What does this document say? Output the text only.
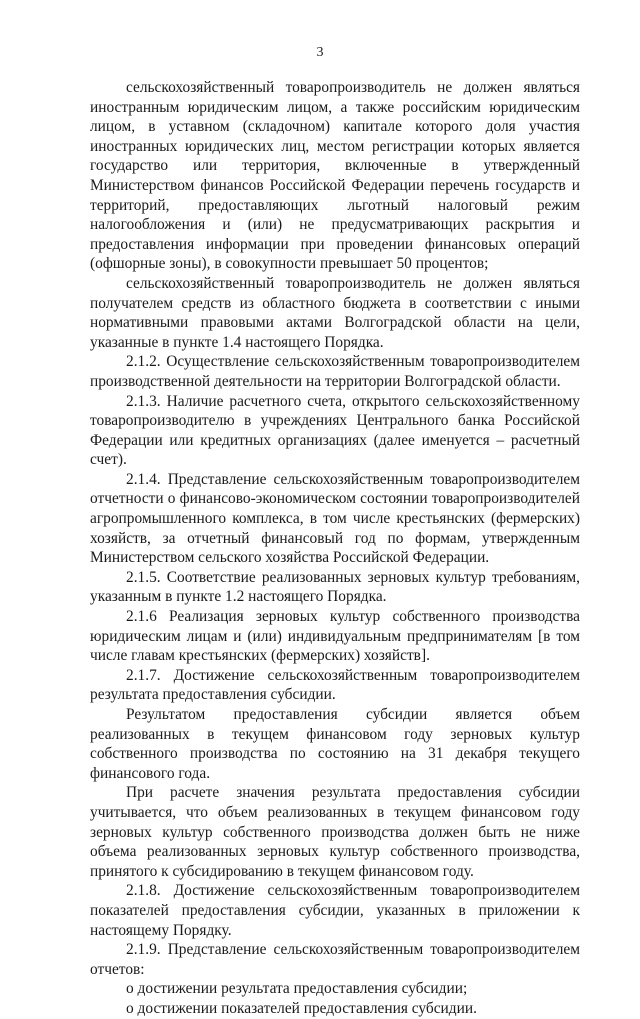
3

сельскохозяйственный товаропроизводитель не должен являться иностранным юридическим лицом, а также российским юридическим лицом, в уставном (складочном) капитале которого доля участия иностранных юридических лиц, местом регистрации которых является государство или территория, включенные в утвержденный Министерством финансов Российской Федерации перечень государств и территорий, предоставляющих льготный налоговый режим налогообложения и (или) не предусматривающих раскрытия и предоставления информации при проведении финансовых операций (офшорные зоны), в совокупности превышает 50 процентов;

сельскохозяйственный товаропроизводитель не должен являться получателем средств из областного бюджета в соответствии с иными нормативными правовыми актами Волгоградской области на цели, указанные в пункте 1.4 настоящего Порядка.

2.1.2. Осуществление сельскохозяйственным товаропроизводителем производственной деятельности на территории Волгоградской области.

2.1.3. Наличие расчетного счета, открытого сельскохозяйственному товаропроизводителю в учреждениях Центрального банка Российской Федерации или кредитных организациях (далее именуется – расчетный счет).

2.1.4. Представление сельскохозяйственным товаропроизводителем отчетности о финансово-экономическом состоянии товаропроизводителей агропромышленного комплекса, в том числе крестьянских (фермерских) хозяйств, за отчетный финансовый год по формам, утвержденным Министерством сельского хозяйства Российской Федерации.

2.1.5. Соответствие реализованных зерновых культур требованиям, указанным в пункте 1.2 настоящего Порядка.

2.1.6 Реализация зерновых культур собственного производства юридическим лицам и (или) индивидуальным предпринимателям [в том числе главам крестьянских (фермерских) хозяйств].

2.1.7. Достижение сельскохозяйственным товаропроизводителем результата предоставления субсидии.

Результатом предоставления субсидии является объем реализованных в текущем финансовом году зерновых культур собственного производства по состоянию на 31 декабря текущего финансового года.

При расчете значения результата предоставления субсидии учитывается, что объем реализованных в текущем финансовом году зерновых культур собственного производства должен быть не ниже объема реализованных зерновых культур собственного производства, принятого к субсидированию в текущем финансовом году.

2.1.8. Достижение сельскохозяйственным товаропроизводителем показателей предоставления субсидии, указанных в приложении к настоящему Порядку.

2.1.9. Представление сельскохозяйственным товаропроизводителем отчетов:

о достижении результата предоставления субсидии;

о достижении показателей предоставления субсидии.
